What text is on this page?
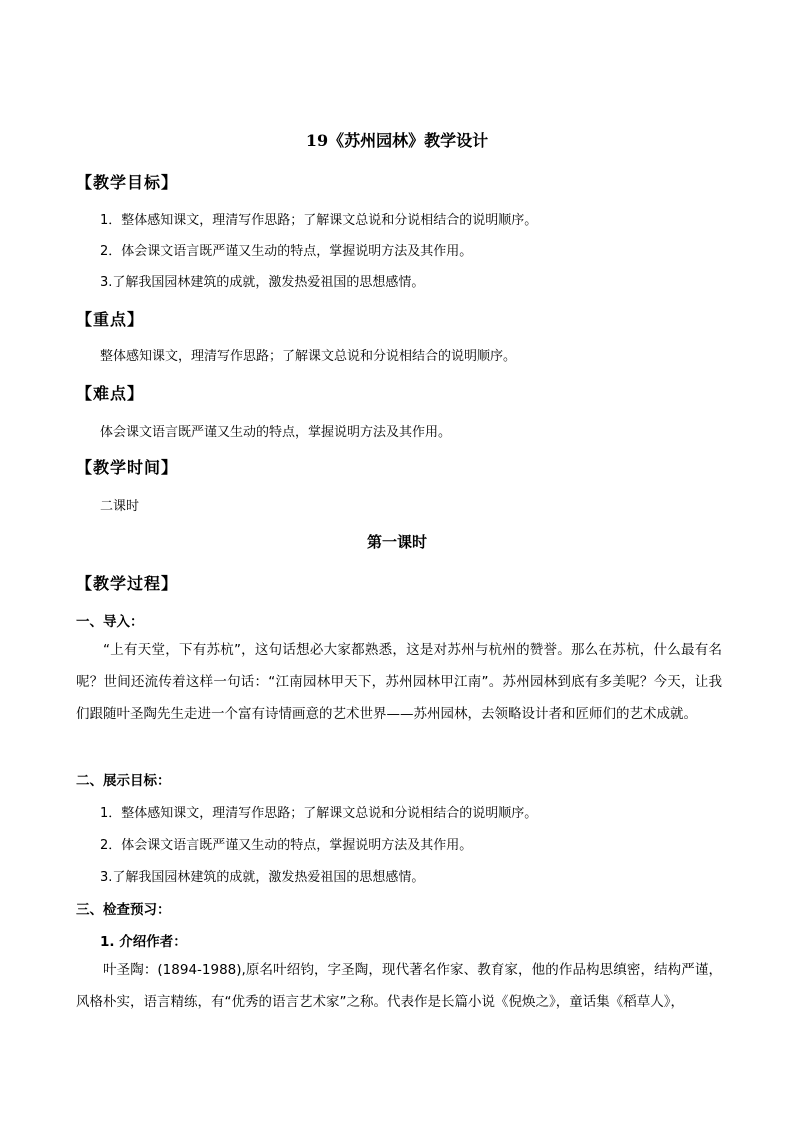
19《苏州园林》教学设计
【教学目标】
1．整体感知课文，理清写作思路；了解课文总说和分说相结合的说明顺序。
2．体会课文语言既严谨又生动的特点，掌握说明方法及其作用。
3.了解我国园林建筑的成就，激发热爱祖国的思想感情。
【重点】
整体感知课文，理清写作思路；了解课文总说和分说相结合的说明顺序。
【难点】
体会课文语言既严谨又生动的特点，掌握说明方法及其作用。
【教学时间】
二课时
第一课时
【教学过程】
一、导入：
“上有天堂，下有苏杭”，这句话想必大家都熟悉，这是对苏州与杭州的赞誉。那么在苏杭，什么最有名呢？世间还流传着这样一句话：“江南园林甲天下，苏州园林甲江南”。苏州园林到底有多美呢？今天，让我们跟随叶圣陶先生走进一个富有诗情画意的艺术世界——苏州园林，去领略设计者和匠师们的艺术成就。
二、展示目标：
1．整体感知课文，理清写作思路；了解课文总说和分说相结合的说明顺序。
2．体会课文语言既严谨又生动的特点，掌握说明方法及其作用。
3.了解我国园林建筑的成就，激发热爱祖国的思想感情。
三、检查预习：
1. 介绍作者：
叶圣陶：(1894-1988),原名叶绍钧，字圣陶，现代著名作家、教育家，他的作品构思缜密，结构严谨，风格朴实，语言精练，有“优秀的语言艺术家”之称。代表作是长篇小说《倪焕之》，童话集《稻草人》，
